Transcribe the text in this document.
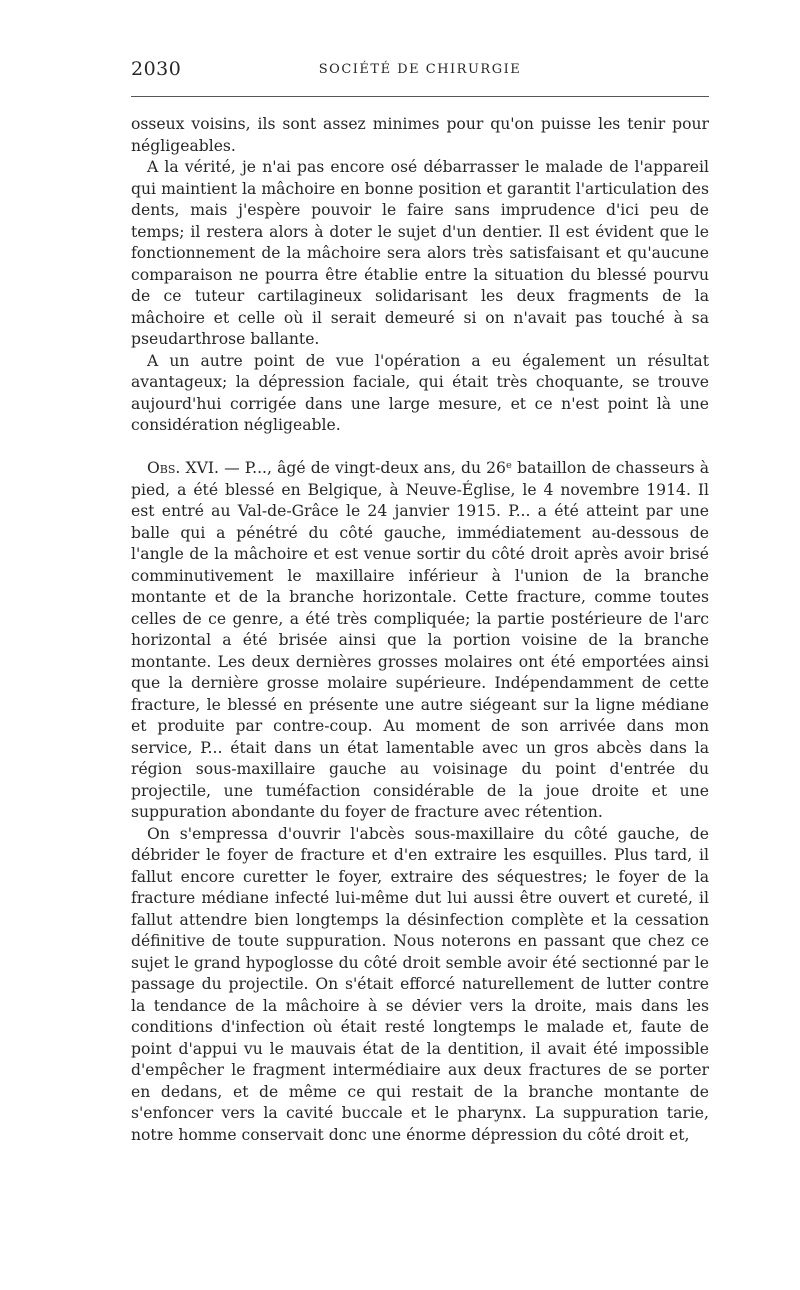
2030	SOCIÉTÉ DE CHIRURGIE

osseux voisins, ils sont assez minimes pour qu'on puisse les tenir pour négligeables.

A la vérité, je n'ai pas encore osé débarrasser le malade de l'appareil qui maintient la mâchoire en bonne position et garantit l'articulation des dents, mais j'espère pouvoir le faire sans imprudence d'ici peu de temps; il restera alors à doter le sujet d'un dentier. Il est évident que le fonctionnement de la mâchoire sera alors très satisfaisant et qu'aucune comparaison ne pourra être établie entre la situation du blessé pourvu de ce tuteur cartilagineux solidarisant les deux fragments de la mâchoire et celle où il serait demeuré si on n'avait pas touché à sa pseudarthrose ballante.

A un autre point de vue l'opération a eu également un résultat avantageux; la dépression faciale, qui était très choquante, se trouve aujourd'hui corrigée dans une large mesure, et ce n'est point là une considération négligeable.

Obs. XVI. — P..., âgé de vingt-deux ans, du 26ᵉ bataillon de chasseurs à pied, a été blessé en Belgique, à Neuve-Église, le 4 novembre 1914. Il est entré au Val-de-Grâce le 24 janvier 1915. P... a été atteint par une balle qui a pénétré du côté gauche, immédiatement au-dessous de l'angle de la mâchoire et est venue sortir du côté droit après avoir brisé comminutivement le maxillaire inférieur à l'union de la branche montante et de la branche horizontale. Cette fracture, comme toutes celles de ce genre, a été très compliquée; la partie postérieure de l'arc horizontal a été brisée ainsi que la portion voisine de la branche montante. Les deux dernières grosses molaires ont été emportées ainsi que la dernière grosse molaire supérieure. Indépendamment de cette fracture, le blessé en présente une autre siégeant sur la ligne médiane et produite par contre-coup. Au moment de son arrivée dans mon service, P... était dans un état lamentable avec un gros abcès dans la région sous-maxillaire gauche au voisinage du point d'entrée du projectile, une tuméfaction considérable de la joue droite et une suppuration abondante du foyer de fracture avec rétention.

On s'empressa d'ouvrir l'abcès sous-maxillaire du côté gauche, de débrider le foyer de fracture et d'en extraire les esquilles. Plus tard, il fallut encore curetter le foyer, extraire des séquestres; le foyer de la fracture médiane infecté lui-même dut lui aussi être ouvert et cureté, il fallut attendre bien longtemps la désinfection complète et la cessation définitive de toute suppuration. Nous noterons en passant que chez ce sujet le grand hypoglosse du côté droit semble avoir été sectionné par le passage du projectile. On s'était efforcé naturellement de lutter contre la tendance de la mâchoire à se dévier vers la droite, mais dans les conditions d'infection où était resté longtemps le malade et, faute de point d'appui vu le mauvais état de la dentition, il avait été impossible d'empêcher le fragment intermédiaire aux deux fractures de se porter en dedans, et de même ce qui restait de la branche montante de s'enfoncer vers la cavité buccale et le pharynx. La suppuration tarie, notre homme conservait donc une énorme dépression du côté droit et,
